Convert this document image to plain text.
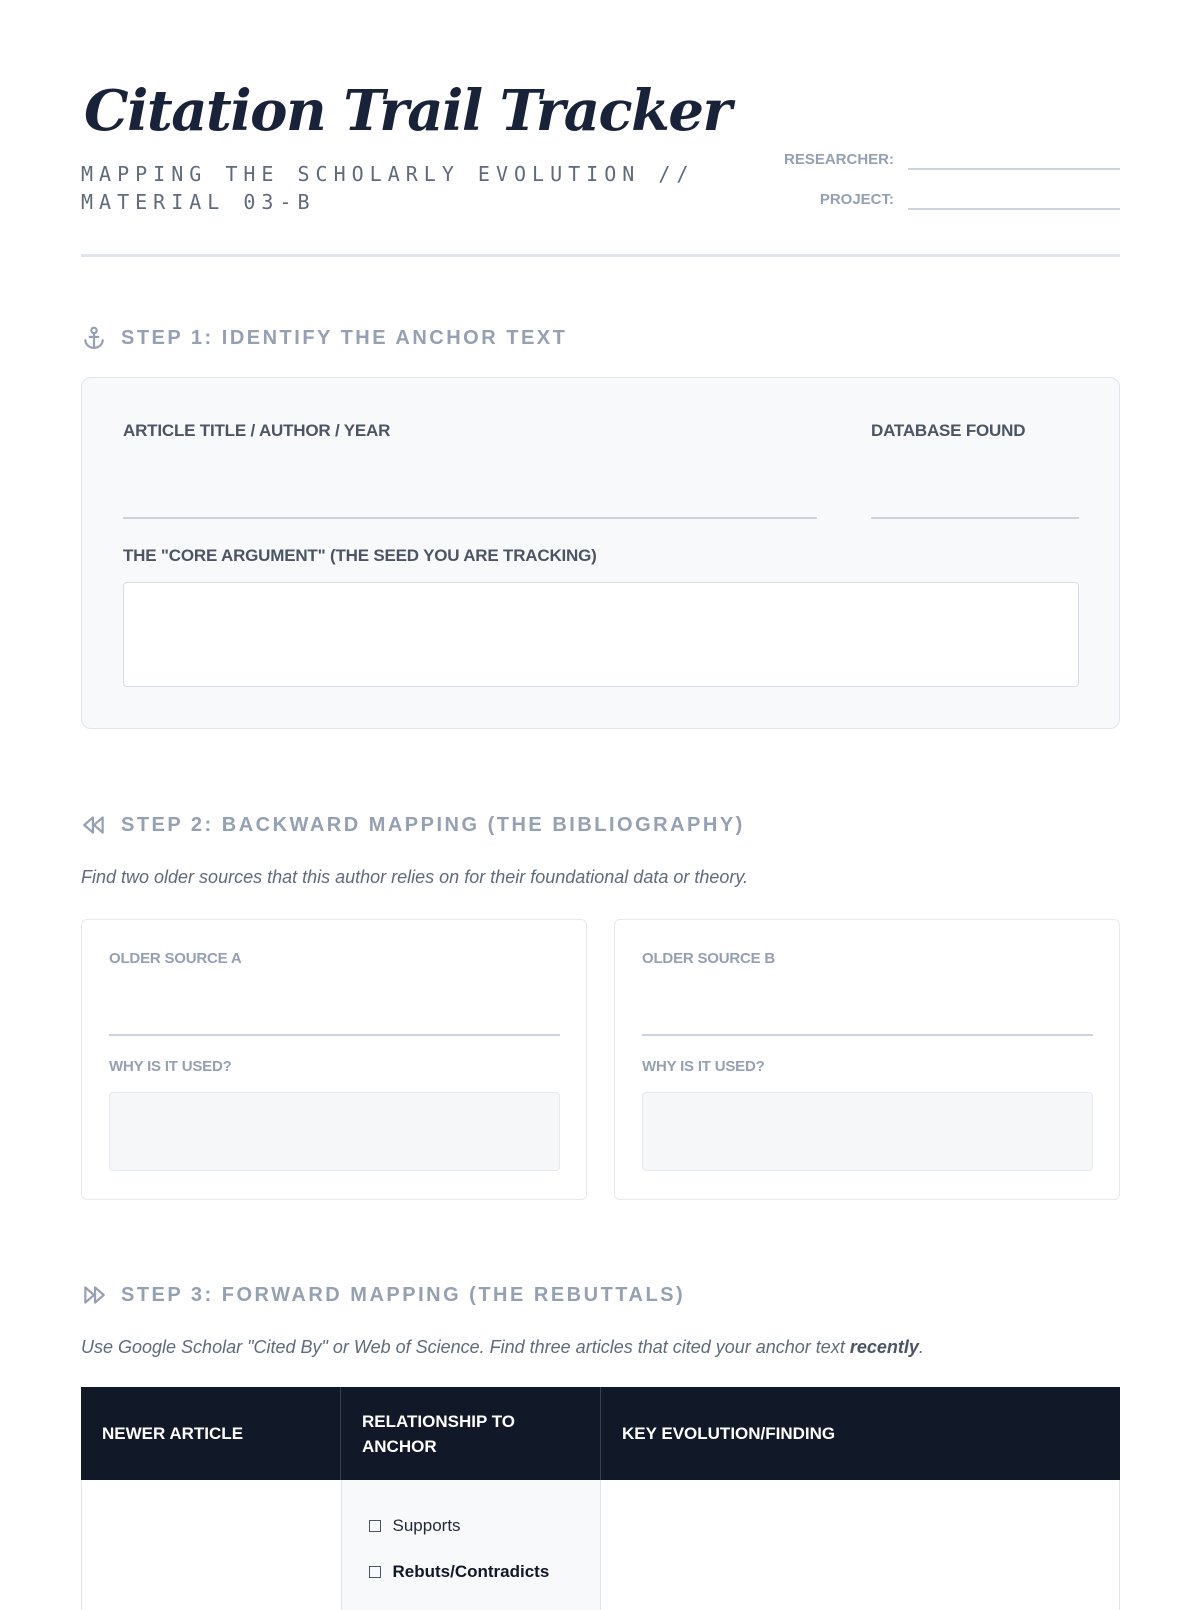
Citation Trail Tracker
MAPPING THE SCHOLARLY EVOLUTION // MATERIAL 03-B
RESEARCHER:
PROJECT:
STEP 1: IDENTIFY THE ANCHOR TEXT
ARTICLE TITLE / AUTHOR / YEAR	DATABASE FOUND
THE "CORE ARGUMENT" (THE SEED YOU ARE TRACKING)
STEP 2: BACKWARD MAPPING (THE BIBLIOGRAPHY)
Find two older sources that this author relies on for their foundational data or theory.
OLDER SOURCE A
WHY IS IT USED?
OLDER SOURCE B
WHY IS IT USED?
STEP 3: FORWARD MAPPING (THE REBUTTALS)
Use Google Scholar "Cited By" or Web of Science. Find three articles that cited your anchor text recently.
NEWER ARTICLE
RELATIONSHIP TO ANCHOR
KEY EVOLUTION/FINDING
Supports
Rebuts/Contradicts
